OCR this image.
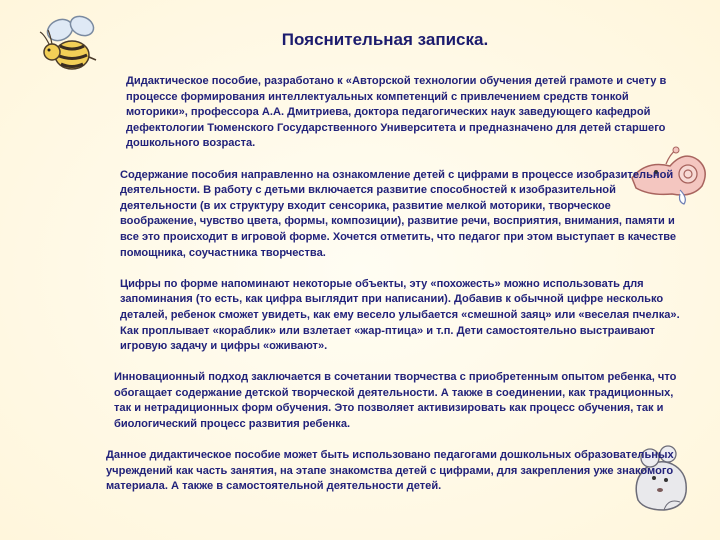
Пояснительная записка.

Дидактическое пособие, разработано к «Авторской технологии обучения детей грамоте и счету в процессе формирования интеллектуальных компетенций с привлечением средств тонкой моторики», профессора А.А. Дмитриева, доктора педагогических наук заведующего кафедрой дефектологии Тюменского Государственного Университета и предназначено для детей старшего дошкольного возраста.

Содержание пособия направленно на ознакомление детей с цифрами в процессе изобразительной деятельности. В работу с детьми включается развитие способностей к изобразительной деятельности (в их структуру входит сенсорика, развитие мелкой моторики, творческое воображение, чувство цвета, формы, композиции), развитие речи, восприятия, внимания, памяти и все это происходит в игровой форме. Хочется отметить, что педагог при этом выступает в качестве помощника, соучастника творчества.

Цифры по форме напоминают некоторые объекты, эту «похожесть» можно использовать для запоминания (то есть, как цифра выглядит при написании). Добавив к обычной цифре несколько деталей, ребенок сможет увидеть, как ему весело улыбается «смешной заяц» или «веселая пчелка». Как проплывает «кораблик» или взлетает «жар-птица» и т.п. Дети самостоятельно выстраивают игровую задачу и цифры «оживают».

Инновационный подход заключается в сочетании творчества с приобретенным опытом ребенка, что обогащает содержание детской творческой деятельности. А также в соединении, как традиционных, так и нетрадиционных форм обучения. Это позволяет активизировать как процесс обучения, так и биологический процесс развития ребенка.

Данное дидактическое пособие может быть использовано педагогами дошкольных образовательных учреждений как часть занятия, на этапе знакомства детей с цифрами, для закрепления уже знакомого материала. А также в самостоятельной деятельности детей.
